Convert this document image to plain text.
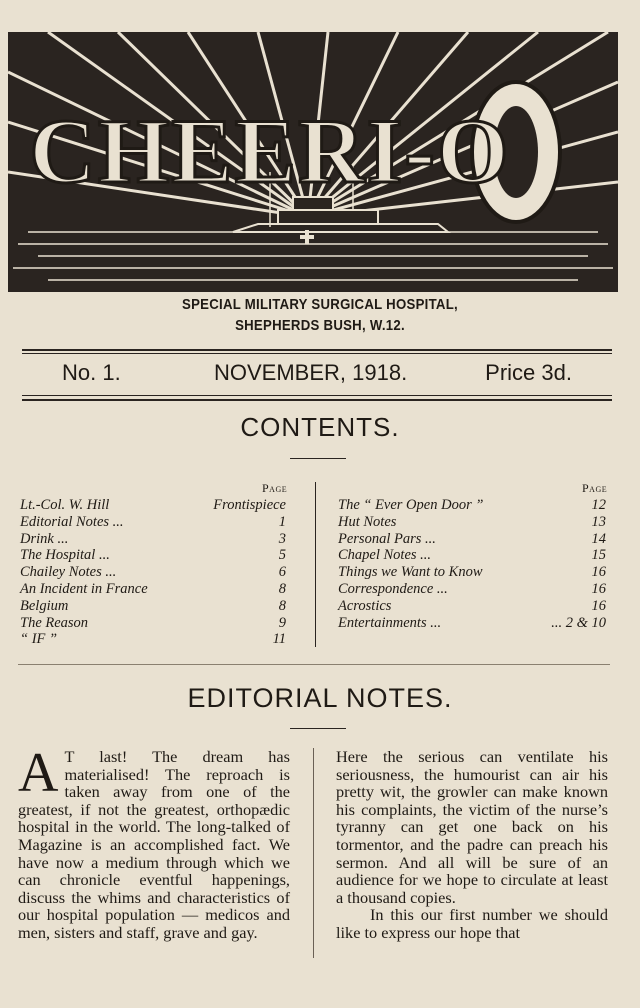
CHEERI-O
SPECIAL MILITARY SURGICAL HOSPITAL,
SHEPHERDS BUSH, W.12.
No. 1.	NOVEMBER, 1918.	Price 3d.
CONTENTS.
Page	Page
Lt.-Col. W. Hill	Frontispiece
Editorial Notes ...	1
Drink ...	3
The Hospital ...	5
Chailey Notes ...	6
An Incident in France	8
Belgium	8
The Reason	9
“ IF ”	11
The “ Ever Open Door ”	12
Hut Notes	13
Personal Pars ...	14
Chapel Notes ...	15
Things we Want to Know	16
Correspondence ...	16
Acrostics	16
Entertainments ...	... 2 & 10
EDITORIAL NOTES.

A T last! The dream has materialised! The reproach is taken away from one of the greatest, if not the greatest, orthopædic hospital in the world. The long-talked of Magazine is an accomplished fact. We have now a medium through which we can chronicle eventful happenings, discuss the whims and characteristics of our hospital population — medicos and men, sisters and staff, grave and gay.

Here the serious can ventilate his seriousness, the humourist can air his pretty wit, the growler can make known his complaints, the victim of the nurse’s tyranny can get one back on his tormentor, and the padre can preach his sermon. And all will be sure of an audience for we hope to circulate at least a thousand copies.

In this our first number we should like to express our hope that
